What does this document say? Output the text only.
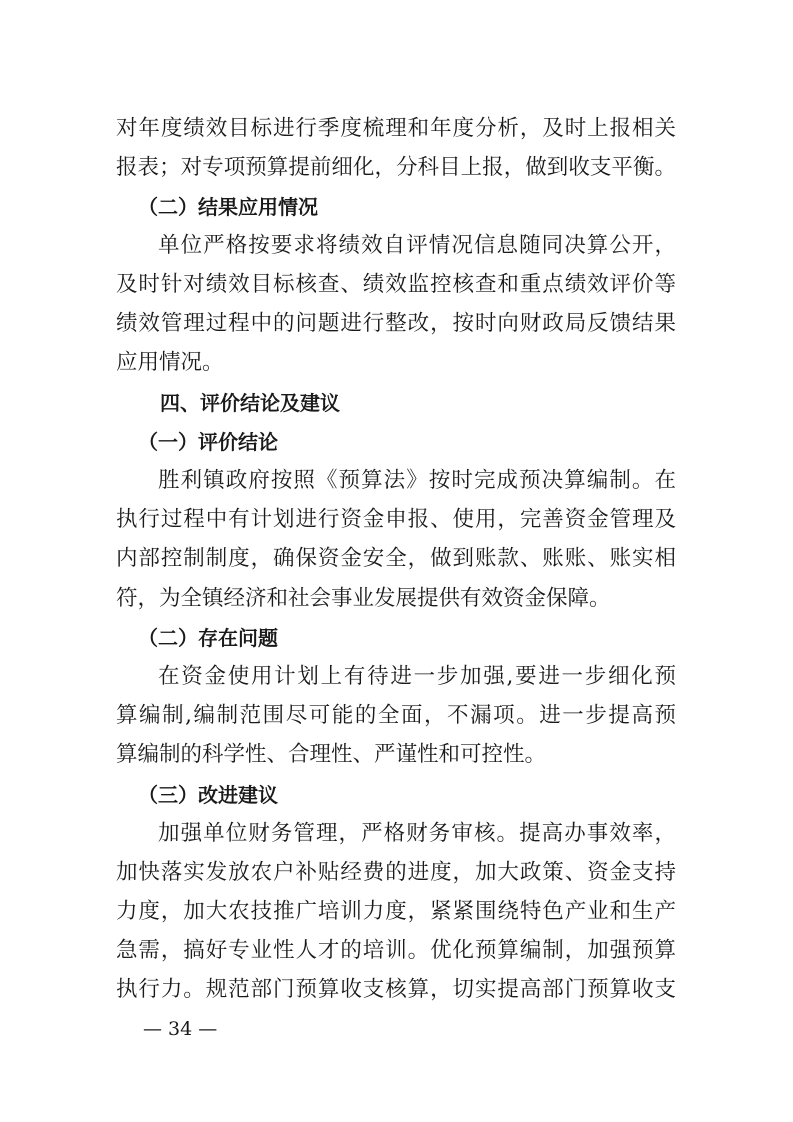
对年度绩效目标进行季度梳理和年度分析，及时上报相关
报表；对专项预算提前细化，分科目上报，做到收支平衡。
（二）结果应用情况
单位严格按要求将绩效自评情况信息随同决算公开，
及时针对绩效目标核查、绩效监控核查和重点绩效评价等
绩效管理过程中的问题进行整改，按时向财政局反馈结果
应用情况。
四、评价结论及建议
（一）评价结论
胜利镇政府按照《预算法》按时完成预决算编制。在
执行过程中有计划进行资金申报、使用，完善资金管理及
内部控制制度，确保资金安全，做到账款、账账、账实相
符，为全镇经济和社会事业发展提供有效资金保障。
（二）存在问题
在资金使用计划上有待进一步加强,要进一步细化预
算编制,编制范围尽可能的全面，不漏项。进一步提高预
算编制的科学性、合理性、严谨性和可控性。
（三）改进建议
加强单位财务管理，严格财务审核。提高办事效率，
加快落实发放农户补贴经费的进度，加大政策、资金支持
力度，加大农技推广培训力度，紧紧围绕特色产业和生产
急需，搞好专业性人才的培训。优化预算编制，加强预算
执行力。规范部门预算收支核算，切实提高部门预算收支
— 34 —
